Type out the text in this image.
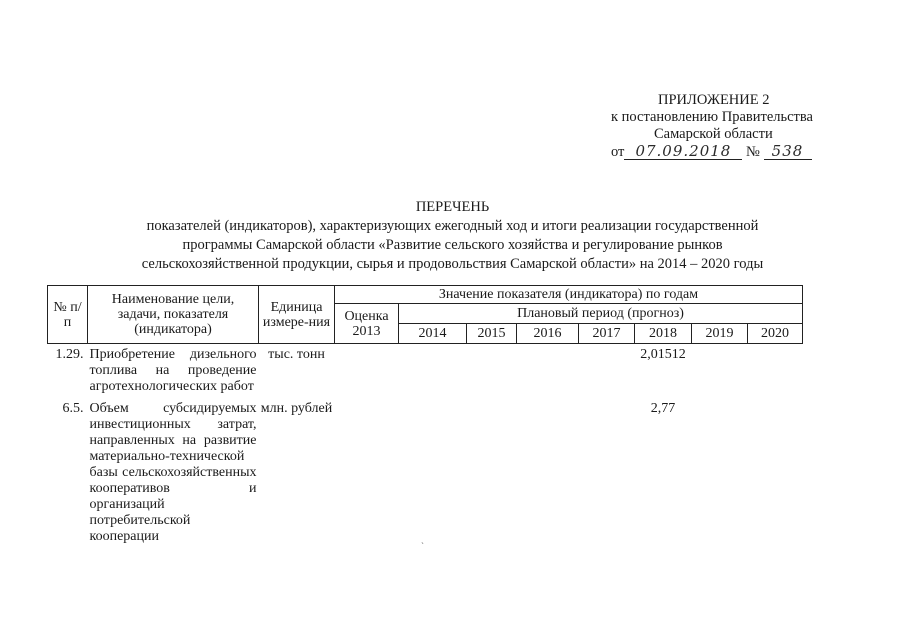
ПРИЛОЖЕНИЕ 2
к постановлению Правительства
Самарской области
от 07.09.2018 № 538
ПЕРЕЧЕНЬ
показателей (индикаторов), характеризующих ежегодный ход и итоги реализации государственной
программы Самарской области «Развитие сельского хозяйства и регулирование рынков
сельскохозяйственной продукции, сырья и продовольствия Самарской области» на 2014 – 2020 годы
№ п/п	Наименование цели, задачи, показателя (индикатора)	Единица измере-ния	Значение показателя (индикатора) по годам							
			Оценка 2013	Плановый период (прогноз)						
				2014	2015	2016	2017	2018	2019	2020
1.29.	Приобретение дизельного топлива на проведение агротехнологических работ	тыс. тонн						2,01512		
6.5.	Объем субсидируемых инвестиционных затрат, направленных на развитие материально-технической базы сельскохозяйственных кооперативов и организаций потребительской кооперации	млн. рублей						2,77		
`
